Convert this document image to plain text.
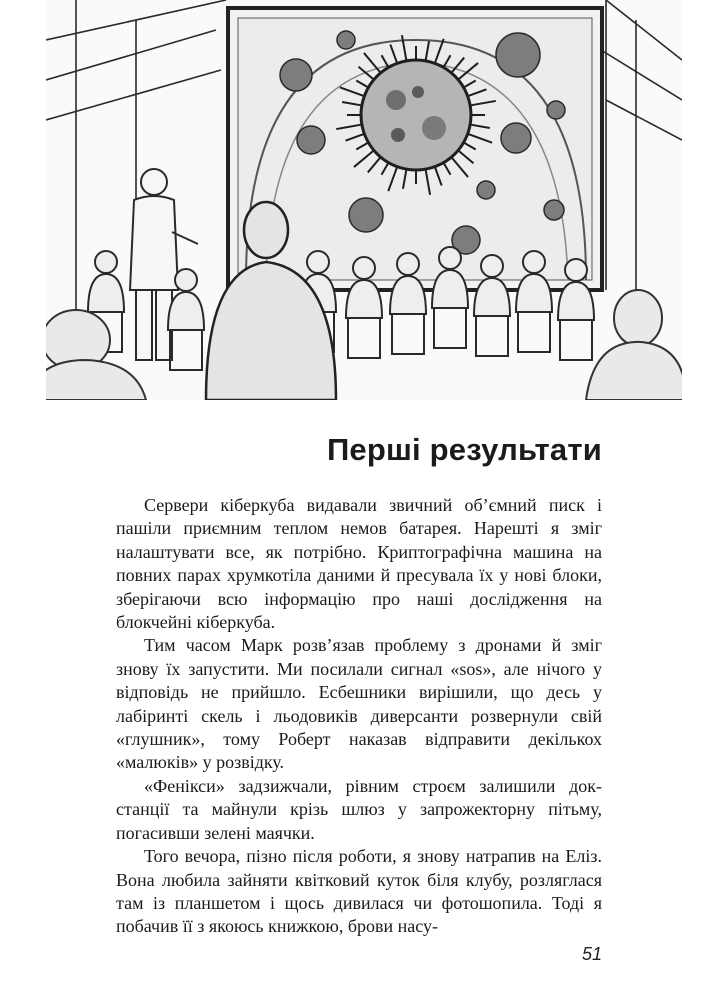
Перші результати

Сервери кіберкуба видавали звичний об’ємний писк і пашіли приємним теплом немов батарея. Нарешті я зміг налаштувати все, як потрібно. Криптографічна машина на повних парах хрумкотіла даними й пресувала їх у нові блоки, зберігаючи всю інформацію про наші дослідження на блокчейні кіберкуба.

Тим часом Марк розв’язав проблему з дронами й зміг знову їх запустити. Ми посилали сигнал «sos», але нічого у відповідь не прийшло. Есбешники вирішили, що десь у лабіринті скель і льодовиків диверсанти розвернули свій «глушник», тому Роберт наказав відправити декількох «малюків» у розвідку.

«Фенікси» задзижчали, рівним строєм залишили док-станції та майнули крізь шлюз у запрожекторну пітьму, погасивши зелені маячки.

Того вечора, пізно після роботи, я знову натрапив на Еліз. Вона любила зайняти квітковий куток біля клубу, розляглася там із планшетом і щось дивилася чи фотошопила. Тоді я побачив її з якоюсь книжкою, брови насу-

51
